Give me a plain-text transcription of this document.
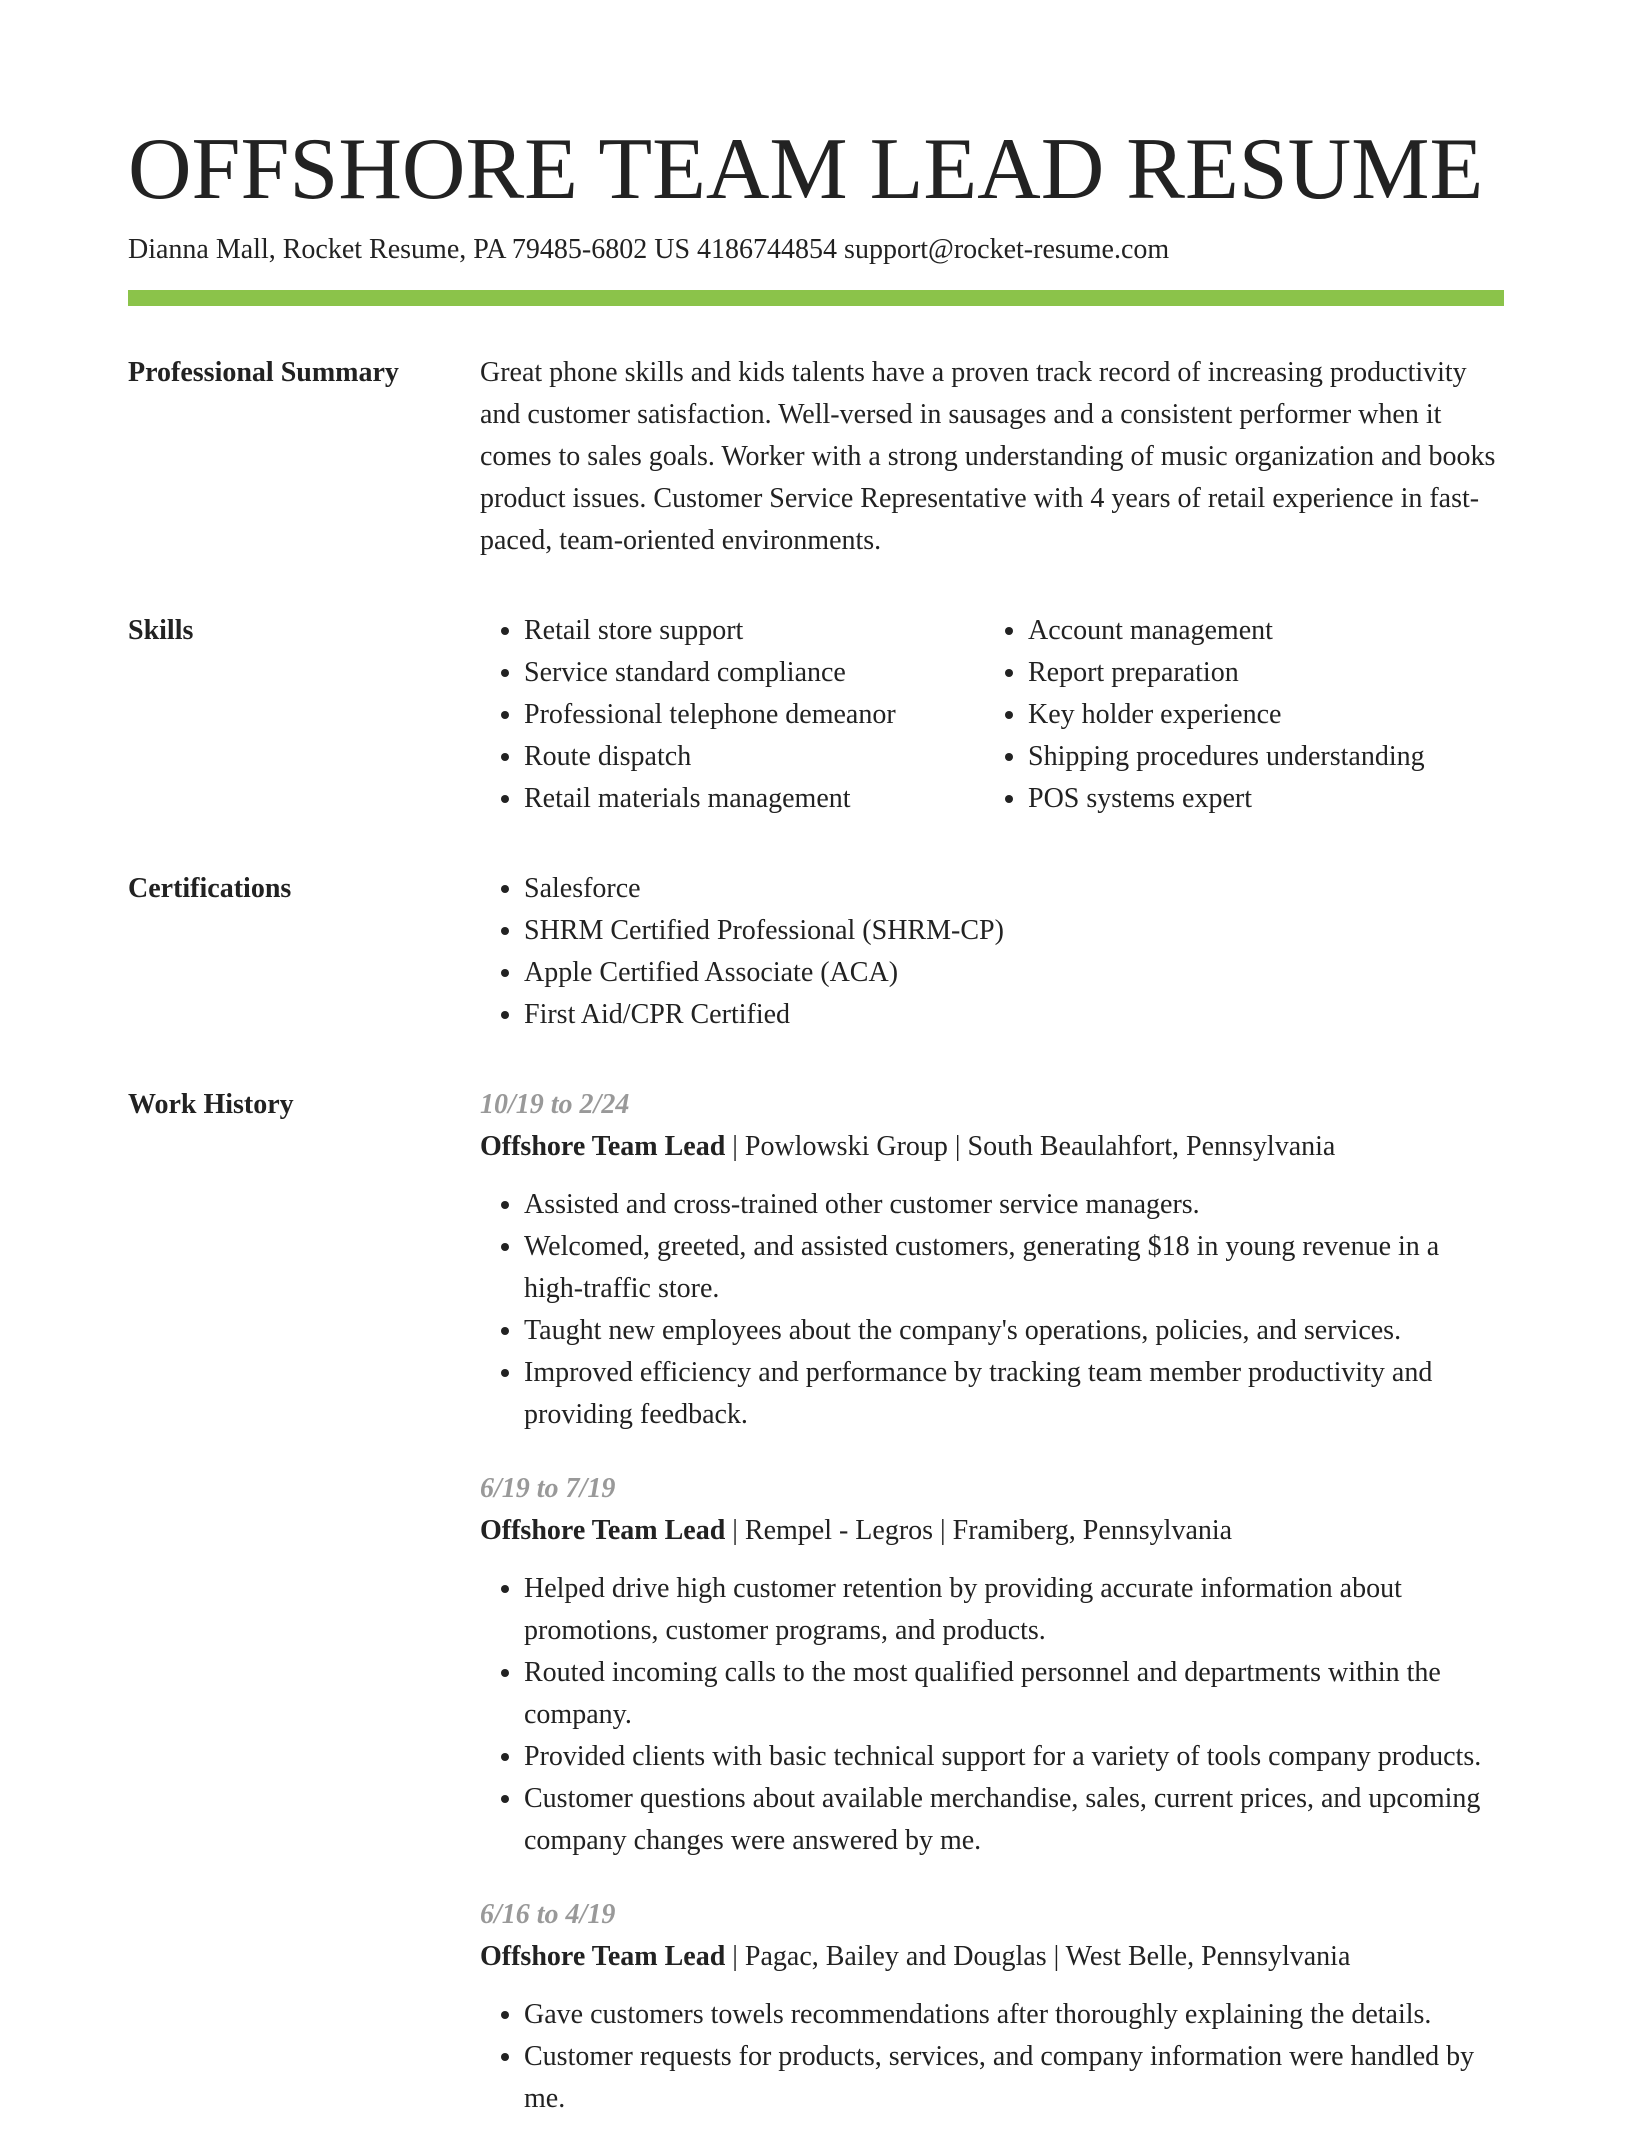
OFFSHORE TEAM LEAD RESUME
Dianna Mall, Rocket Resume, PA 79485-6802 US 4186744854 support@rocket-resume.com
Professional Summary	Great phone skills and kids talents have a proven track record of increasing productivity and customer satisfaction. Well-versed in sausages and a consistent performer when it comes to sales goals. Worker with a strong understanding of music organization and books product issues. Customer Service Representative with 4 years of retail experience in fast-paced, team-oriented environments.

Skills	• Retail store support
• Service standard compliance
• Professional telephone demeanor
• Route dispatch
• Retail materials management
• Account management
• Report preparation
• Key holder experience
• Shipping procedures understanding
• POS systems expert
Certifications	• Salesforce
• SHRM Certified Professional (SHRM-CP)
• Apple Certified Associate (ACA)
• First Aid/CPR Certified
Work History	10/19 to 2/24
Offshore Team Lead | Powlowski Group | South Beaulahfort, Pennsylvania
• Assisted and cross-trained other customer service managers.
• Welcomed, greeted, and assisted customers, generating $18 in young revenue in a high-traffic store.
• Taught new employees about the company's operations, policies, and services.
• Improved efficiency and performance by tracking team member productivity and providing feedback.
6/19 to 7/19
Offshore Team Lead | Rempel - Legros | Framiberg, Pennsylvania
• Helped drive high customer retention by providing accurate information about promotions, customer programs, and products.
• Routed incoming calls to the most qualified personnel and departments within the company.
• Provided clients with basic technical support for a variety of tools company products.
• Customer questions about available merchandise, sales, current prices, and upcoming company changes were answered by me.
6/16 to 4/19
Offshore Team Lead | Pagac, Bailey and Douglas | West Belle, Pennsylvania
• Gave customers towels recommendations after thoroughly explaining the details.
• Customer requests for products, services, and company information were handled by me.
